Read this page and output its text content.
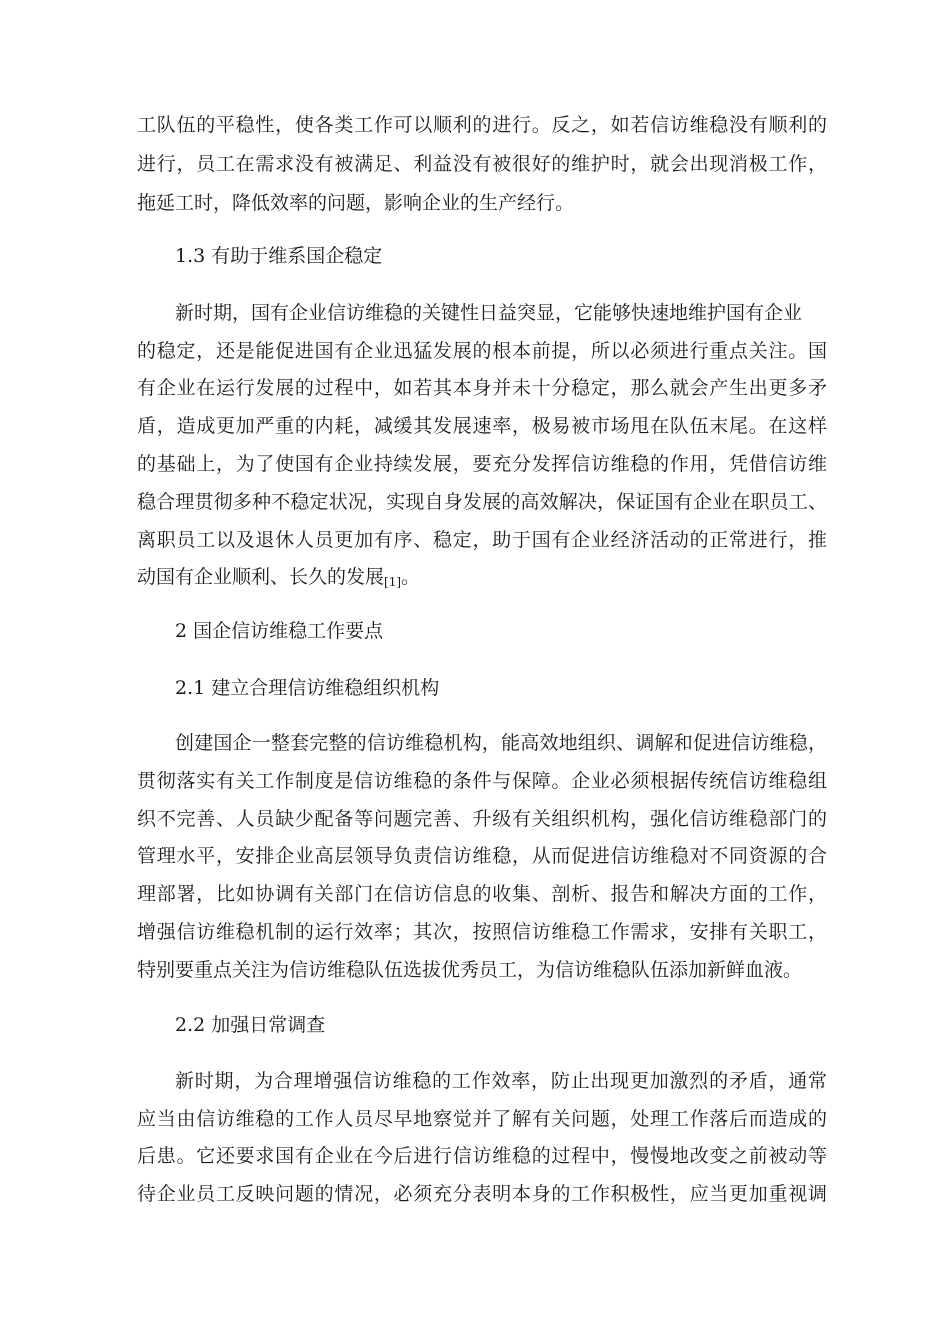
工队伍的平稳性，使各类工作可以顺利的进行。反之，如若信访维稳没有顺利的
进行，员工在需求没有被满足、利益没有被很好的维护时，就会出现消极工作，
拖延工时，降低效率的问题，影响企业的生产经行。
1.3 有助于维系国企稳定
新时期，国有企业信访维稳的关键性日益突显，它能够快速地维护国有企业
的稳定，还是能促进国有企业迅猛发展的根本前提，所以必须进行重点关注。国
有企业在运行发展的过程中，如若其本身并未十分稳定，那么就会产生出更多矛
盾，造成更加严重的内耗，减缓其发展速率，极易被市场甩在队伍末尾。在这样
的基础上，为了使国有企业持续发展，要充分发挥信访维稳的作用，凭借信访维
稳合理贯彻多种不稳定状况，实现自身发展的高效解决，保证国有企业在职员工、
离职员工以及退休人员更加有序、稳定，助于国有企业经济活动的正常进行，推
动国有企业顺利、长久的发展[1]。
2 国企信访维稳工作要点
2.1 建立合理信访维稳组织机构
创建国企一整套完整的信访维稳机构，能高效地组织、调解和促进信访维稳，
贯彻落实有关工作制度是信访维稳的条件与保障。企业必须根据传统信访维稳组
织不完善、人员缺少配备等问题完善、升级有关组织机构，强化信访维稳部门的
管理水平，安排企业高层领导负责信访维稳，从而促进信访维稳对不同资源的合
理部署，比如协调有关部门在信访信息的收集、剖析、报告和解决方面的工作，
增强信访维稳机制的运行效率；其次，按照信访维稳工作需求，安排有关职工，
特别要重点关注为信访维稳队伍选拔优秀员工，为信访维稳队伍添加新鲜血液。
2.2 加强日常调查
新时期，为合理增强信访维稳的工作效率，防止出现更加激烈的矛盾，通常
应当由信访维稳的工作人员尽早地察觉并了解有关问题，处理工作落后而造成的
后患。它还要求国有企业在今后进行信访维稳的过程中，慢慢地改变之前被动等
待企业员工反映问题的情况，必须充分表明本身的工作积极性，应当更加重视调
